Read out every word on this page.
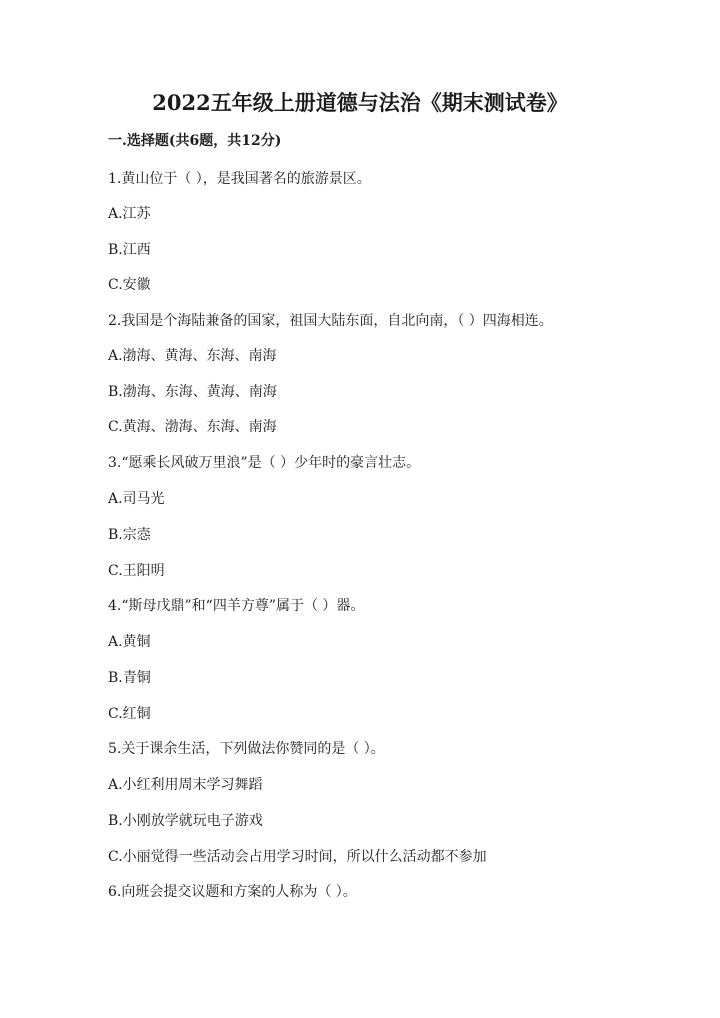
2022五年级上册道德与法治《期末测试卷》
一.选择题(共6题，共12分)
1.黄山位于（ ），是我国著名的旅游景区。
A.江苏
B.江西
C.安徽
2.我国是个海陆兼备的国家，祖国大陆东面，自北向南，（ ）四海相连。
A.渤海、黄海、东海、南海
B.渤海、东海、黄海、南海
C.黄海、渤海、东海、南海
3.“愿乘长风破万里浪”是（ ）少年时的豪言壮志。
A.司马光
B.宗悫
C.王阳明
4.“斯母戊鼎”和“四羊方尊”属于（ ）器。
A.黄铜
B.青铜
C.红铜
5.关于课余生活，下列做法你赞同的是（ ）。
A.小红利用周末学习舞蹈
B.小刚放学就玩电子游戏
C.小丽觉得一些活动会占用学习时间，所以什么活动都不参加
6.向班会提交议题和方案的人称为（ ）。
